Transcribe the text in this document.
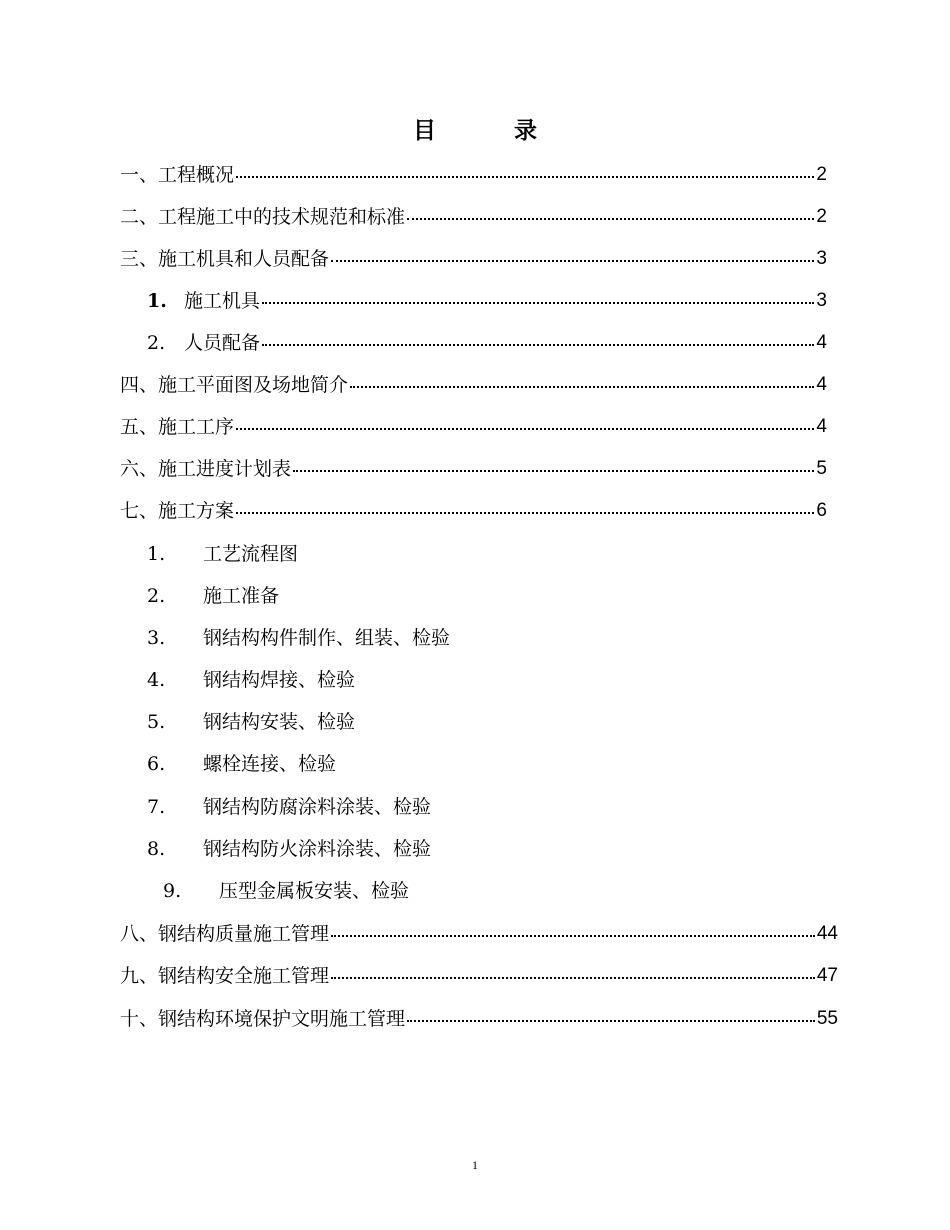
目	录
一、工程概况	2
二、工程施工中的技术规范和标准	2
三、施工机具和人员配备	3
1. 施工机具	3
2. 人员配备	4
四、施工平面图及场地简介	4
五、施工工序	4
六、施工进度计划表	5
七、施工方案	6
1. 工艺流程图
2. 施工准备
3. 钢结构构件制作、组装、检验
4. 钢结构焊接、检验
5. 钢结构安装、检验
6. 螺栓连接、检验
7. 钢结构防腐涂料涂装、检验
8. 钢结构防火涂料涂装、检验
9. 压型金属板安装、检验
八、钢结构质量施工管理	44
九、钢结构安全施工管理	47
十、钢结构环境保护文明施工管理	55
1
